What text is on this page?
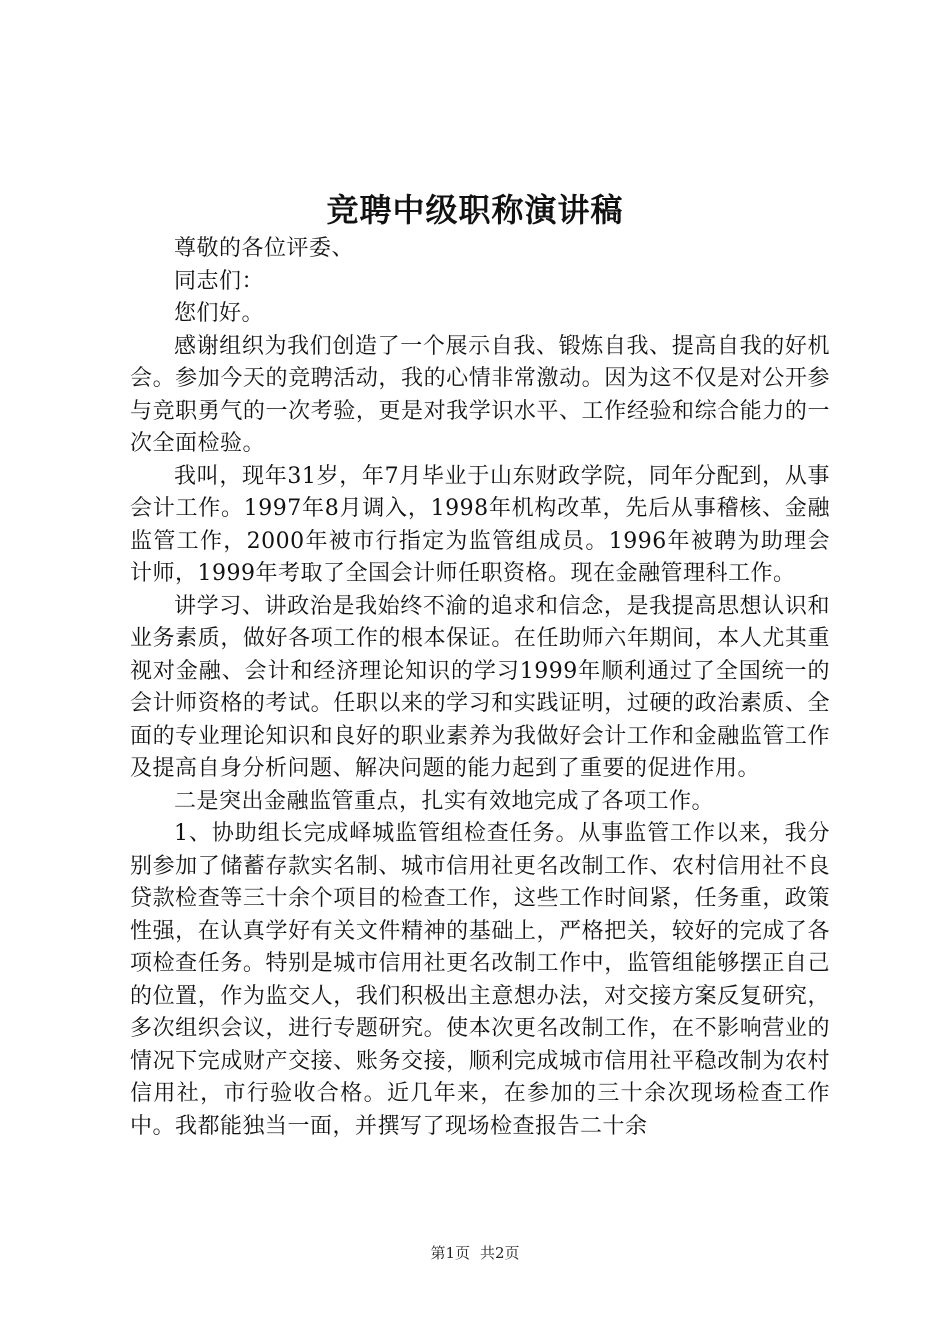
竞聘中级职称演讲稿

尊敬的各位评委、

同志们：

您们好。

感谢组织为我们创造了一个展示自我、锻炼自我、提高自我的好机会。参加今天的竞聘活动，我的心情非常激动。因为这不仅是对公开参与竞职勇气的一次考验，更是对我学识水平、工作经验和综合能力的一次全面检验。

我叫，现年31岁，年7月毕业于山东财政学院，同年分配到，从事会计工作。1997年8月调入，1998年机构改革，先后从事稽核、金融监管工作，2000年被市行指定为监管组成员。1996年被聘为助理会计师，1999年考取了全国会计师任职资格。现在金融管理科工作。

讲学习、讲政治是我始终不渝的追求和信念，是我提高思想认识和业务素质，做好各项工作的根本保证。在任助师六年期间，本人尤其重视对金融、会计和经济理论知识的学习1999年顺利通过了全国统一的会计师资格的考试。任职以来的学习和实践证明，过硬的政治素质、全面的专业理论知识和良好的职业素养为我做好会计工作和金融监管工作及提高自身分析问题、解决问题的能力起到了重要的促进作用。

二是突出金融监管重点，扎实有效地完成了各项工作。

1、协助组长完成峄城监管组检查任务。从事监管工作以来，我分别参加了储蓄存款实名制、城市信用社更名改制工作、农村信用社不良贷款检查等三十余个项目的检查工作，这些工作时间紧，任务重，政策性强，在认真学好有关文件精神的基础上，严格把关，较好的完成了各项检查任务。特别是城市信用社更名改制工作中，监管组能够摆正自己的位置，作为监交人，我们积极出主意想办法，对交接方案反复研究，多次组织会议，进行专题研究。使本次更名改制工作，在不影响营业的情况下完成财产交接、账务交接，顺利完成城市信用社平稳改制为农村信用社，市行验收合格。近几年来，在参加的三十余次现场检查工作中。我都能独当一面，并撰写了现场检查报告二十余

第1页 共2页
